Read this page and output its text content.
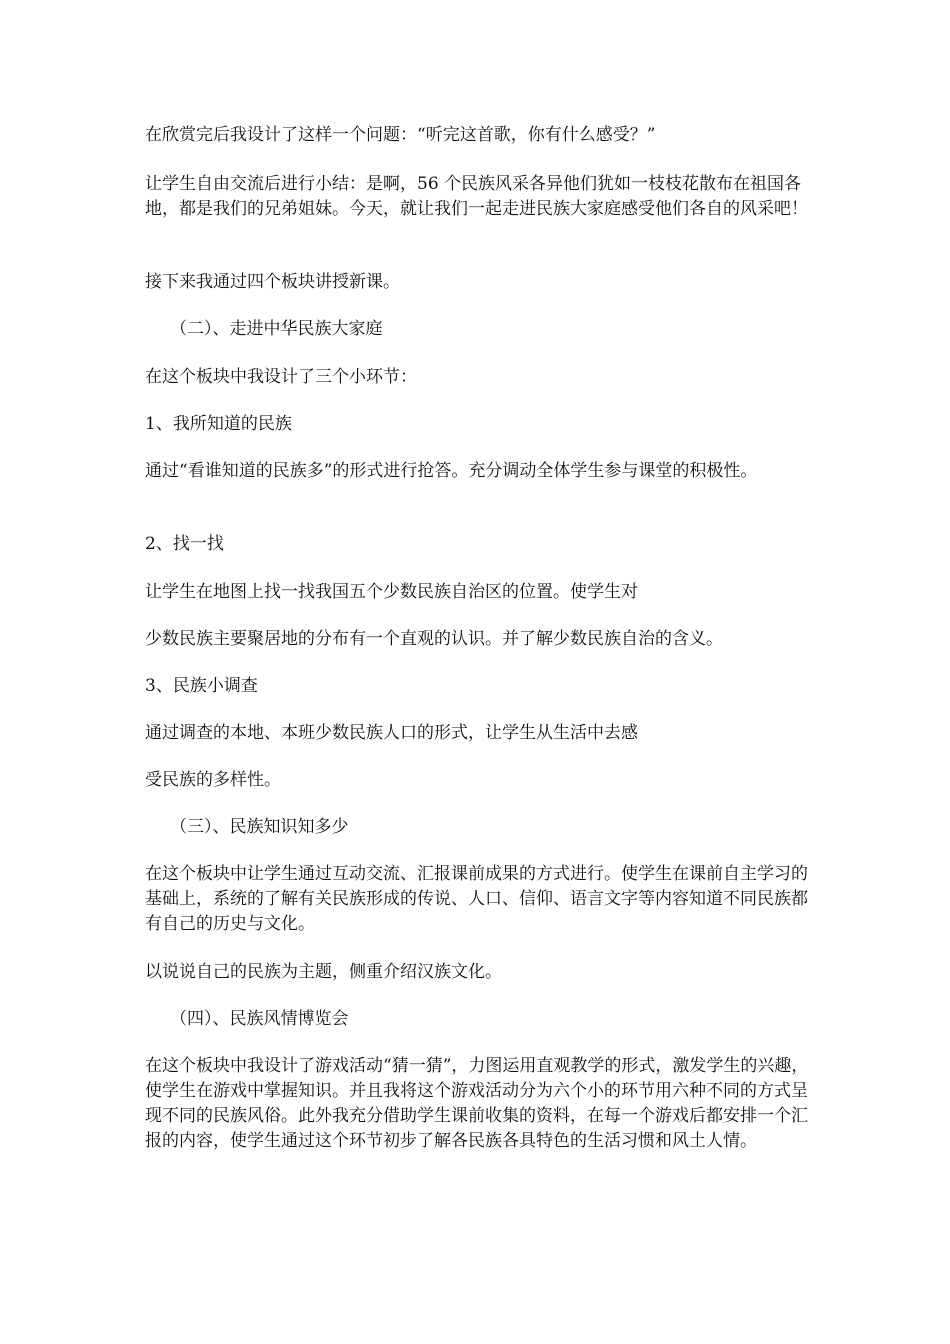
在欣赏完后我设计了这样一个问题：“听完这首歌，你有什么感受？”

让学生自由交流后进行小结：是啊，56 个民族风采各异他们犹如一枝枝花散布在祖国各地，都是我们的兄弟姐妹。今天，就让我们一起走进民族大家庭感受他们各自的风采吧！

接下来我通过四个板块讲授新课。

（二）、走进中华民族大家庭

在这个板块中我设计了三个小环节：

1、我所知道的民族

通过“看谁知道的民族多”的形式进行抢答。充分调动全体学生参与课堂的积极性。

2、找一找

让学生在地图上找一找我国五个少数民族自治区的位置。使学生对

少数民族主要聚居地的分布有一个直观的认识。并了解少数民族自治的含义。

3、民族小调查

通过调查的本地、本班少数民族人口的形式，让学生从生活中去感

受民族的多样性。

（三）、民族知识知多少

在这个板块中让学生通过互动交流、汇报课前成果的方式进行。使学生在课前自主学习的基础上，系统的了解有关民族形成的传说、人口、信仰、语言文字等内容知道不同民族都有自己的历史与文化。

以说说自己的民族为主题，侧重介绍汉族文化。

（四）、民族风情博览会

在这个板块中我设计了游戏活动“猜一猜”，力图运用直观教学的形式，激发学生的兴趣，使学生在游戏中掌握知识。并且我将这个游戏活动分为六个小的环节用六种不同的方式呈现不同的民族风俗。此外我充分借助学生课前收集的资料，在每一个游戏后都安排一个汇报的内容，使学生通过这个环节初步了解各民族各具特色的生活习惯和风土人情。
